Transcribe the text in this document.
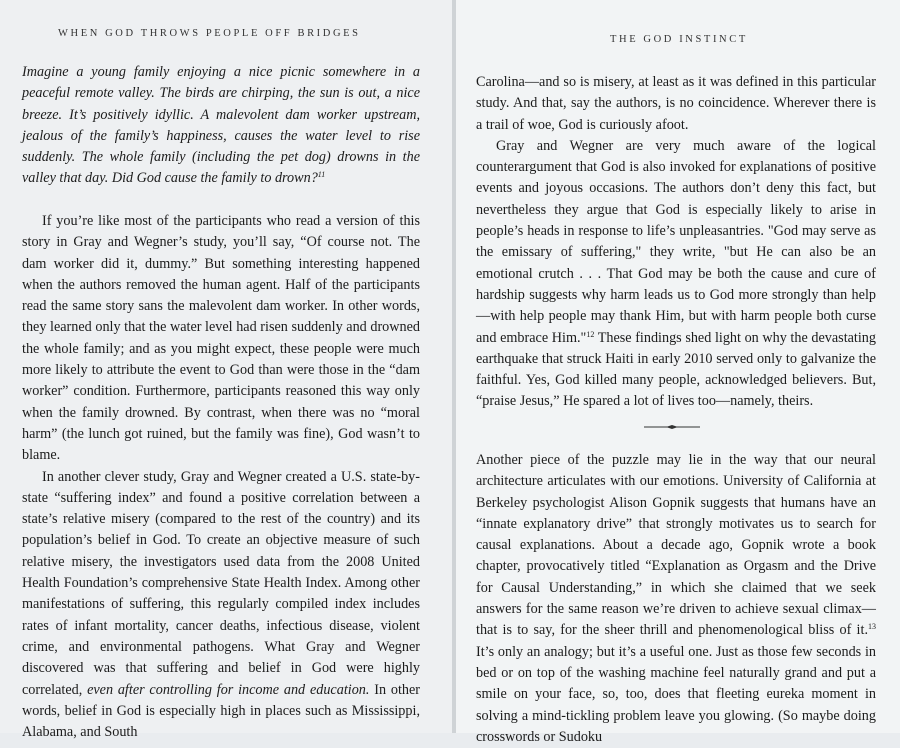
WHEN GOD THROWS PEOPLE OFF BRIDGES
Imagine a young family enjoying a nice picnic somewhere in a peaceful remote valley. The birds are chirping, the sun is out, a nice breeze. It’s positively idyllic. A malevolent dam worker upstream, jealous of the family’s happiness, causes the water level to rise suddenly. The whole family (including the pet dog) drowns in the valley that day. Did God cause the family to drown?$^{11}$

If you’re like most of the participants who read a version of this story in Gray and Wegner’s study, you’ll say, “Of course not. The dam worker did it, dummy.” But something interesting happened when the authors removed the human agent. Half of the participants read the same story sans the malevolent dam worker. In other words, they learned only that the water level had risen suddenly and drowned the whole family; and as you might expect, these people were much more likely to attribute the event to God than were those in the “dam worker” condition. Furthermore, participants reasoned this way only when the family drowned. By contrast, when there was no “moral harm” (the lunch got ruined, but the family was fine), God wasn’t to blame.

In another clever study, Gray and Wegner created a U.S. state-by-state “suffering index” and found a positive correlation between a state’s relative misery (compared to the rest of the country) and its population’s belief in God. To create an objective measure of such relative misery, the investigators used data from the 2008 United Health Foundation’s comprehensive State Health Index. Among other manifestations of suffering, this regularly compiled index includes rates of infant mortality, cancer deaths, infectious disease, violent crime, and environmental pathogens. What Gray and Wegner discovered was that suffering and belief in God were highly correlated, even after controlling for income and education. In other words, belief in God is especially high in places such as Mississippi, Alabama, and South

THE GOD INSTINCT

Carolina—and so is misery, at least as it was defined in this particular study. And that, say the authors, is no coincidence. Wherever there is a trail of woe, God is curiously afoot.

Gray and Wegner are very much aware of the logical counterargument that God is also invoked for explanations of positive events and joyous occasions. The authors don’t deny this fact, but nevertheless they argue that God is especially likely to arise in people’s heads in response to life’s unpleasantries. "God may serve as the emissary of suffering," they write, "but He can also be an emotional crutch . . . That God may be both the cause and cure of hardship suggests why harm leads us to God more strongly than help—with help people may thank Him, but with harm people both curse and embrace Him."$^{12}$ These findings shed light on why the devastating earthquake that struck Haiti in early 2010 served only to galvanize the faithful. Yes, God killed many people, acknowledged believers. But, “praise Jesus,” He spared a lot of lives too—namely, theirs.

Another piece of the puzzle may lie in the way that our neural architecture articulates with our emotions. University of California at Berkeley psychologist Alison Gopnik suggests that humans have an “innate explanatory drive” that strongly motivates us to search for causal explanations. About a decade ago, Gopnik wrote a book chapter, provocatively titled “Explanation as Orgasm and the Drive for Causal Understanding,” in which she claimed that we seek answers for the same reason we’re driven to achieve sexual climax—that is to say, for the sheer thrill and phenomenological bliss of it.$^{13}$ It’s only an analogy; but it’s a useful one. Just as those few seconds in bed or on top of the washing machine feel naturally grand and put a smile on your face, so, too, does that fleeting eureka moment in solving a mind-tickling problem leave you glowing. (So maybe doing crosswords or Sudoku
